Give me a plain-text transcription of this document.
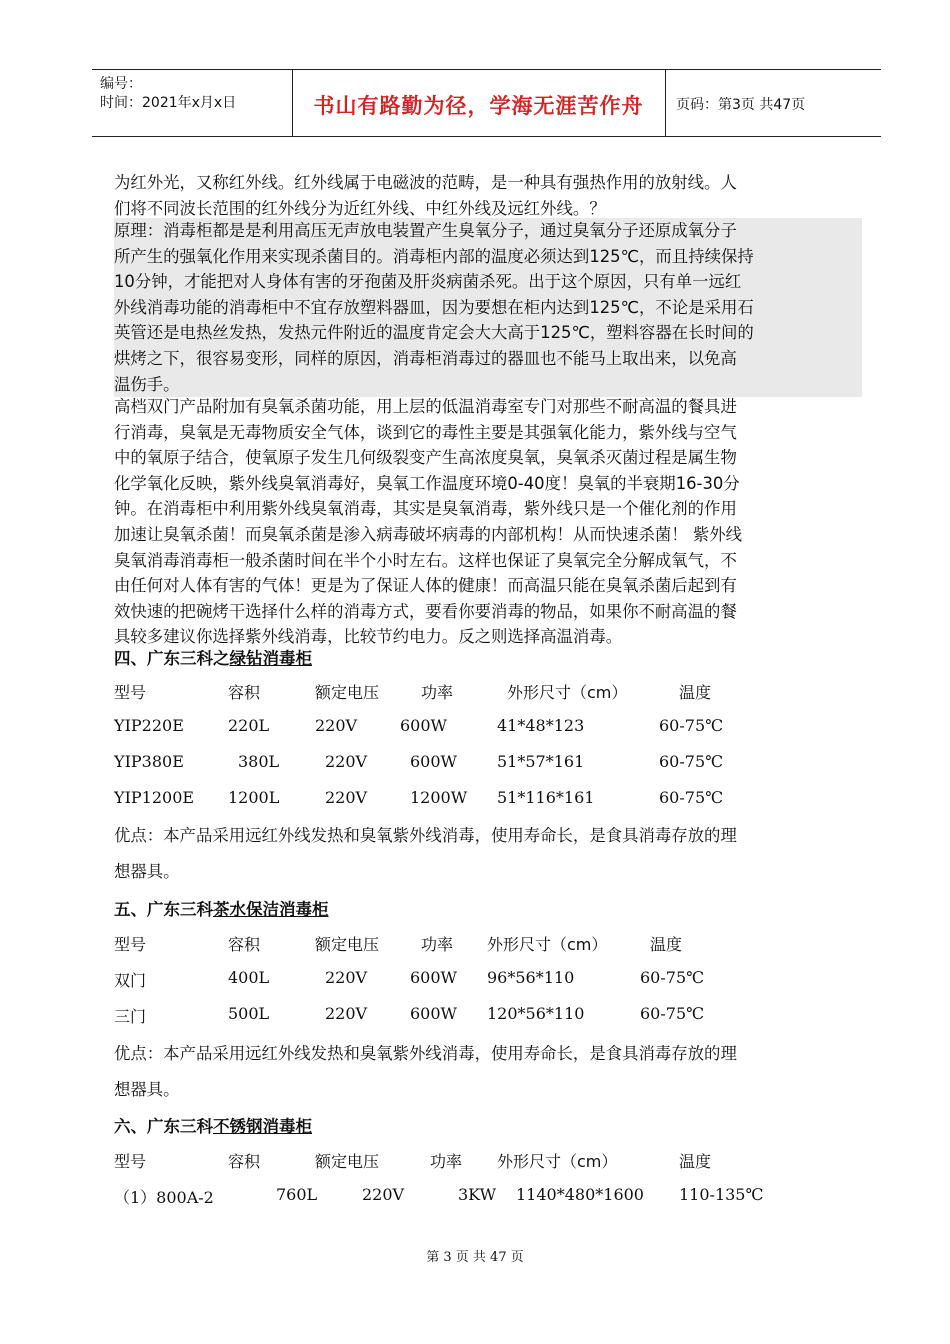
编号：
时间：2021年x月x日	书山有路勤为径，学海无涯苦作舟	页码：第3页 共47页
为红外光，又称红外线。红外线属于电磁波的范畴，是一种具有强热作用的放射线。人
们将不同波长范围的红外线分为近红外线、中红外线及远红外线。？
原理：消毒柜都是是利用高压无声放电装置产生臭氧分子，通过臭氧分子还原成氧分子
所产生的强氧化作用来实现杀菌目的。消毒柜内部的温度必须达到125℃，而且持续保持
10分钟，才能把对人身体有害的牙孢菌及肝炎病菌杀死。出于这个原因，只有单一远红
外线消毒功能的消毒柜中不宜存放塑料器皿，因为要想在柜内达到125℃，不论是采用石
英管还是电热丝发热，发热元件附近的温度肯定会大大高于125℃，塑料容器在长时间的
烘烤之下，很容易变形，同样的原因，消毒柜消毒过的器皿也不能马上取出来，以免高
温伤手。
高档双门产品附加有臭氧杀菌功能，用上层的低温消毒室专门对那些不耐高温的餐具进
行消毒，臭氧是无毒物质安全气体，谈到它的毒性主要是其强氧化能力，紫外线与空气
中的氧原子结合，使氧原子发生几何级裂变产生高浓度臭氧，臭氧杀灭菌过程是属生物
化学氧化反映，紫外线臭氧消毒好，臭氧工作温度环境0-40度！臭氧的半衰期16-30分
钟。在消毒柜中利用紫外线臭氧消毒，其实是臭氧消毒，紫外线只是一个催化剂的作用
加速让臭氧杀菌！而臭氧杀菌是渗入病毒破坏病毒的内部机构！从而快速杀菌！ 紫外线
臭氧消毒消毒柜一般杀菌时间在半个小时左右。这样也保证了臭氧完全分解成氧气，不
由任何对人体有害的气体！更是为了保证人体的健康！而高温只能在臭氧杀菌后起到有
效快速的把碗烤干选择什么样的消毒方式，要看你要消毒的物品，如果你不耐高温的餐
具较多建议你选择紫外线消毒，比较节约电力。反之则选择高温消毒。
四、广东三科之绿钻消毒柜
型号	容积	额定电压	功率	外形尺寸（cm）	温度
YIP220E	220L	220V	600W	41*48*123	60-75℃
YIP380E	380L	220V	600W	51*57*161	60-75℃
YIP1200E 1200L	220V	1200W 51*116*161	60-75℃
优点：本产品采用远红外线发热和臭氧紫外线消毒，使用寿命长，是食具消毒存放的理
想器具。
五、广东三科茶水保洁消毒柜
型号	容积	额定电压	功率 外形尺寸（cm）	温度
双门	400L	220V	600W 96*56*110	60-75℃
三门	500L	220V	600W 120*56*110	60-75℃
优点：本产品采用远红外线发热和臭氧紫外线消毒，使用寿命长，是食具消毒存放的理
想器具。
六、广东三科不锈钢消毒柜
型号	容积	额定电压	功率 外形尺寸（cm）	温度
（1）800A-2	760L	220V	3KW 1140*480*1600 110-135℃
第 3 页 共 47 页
